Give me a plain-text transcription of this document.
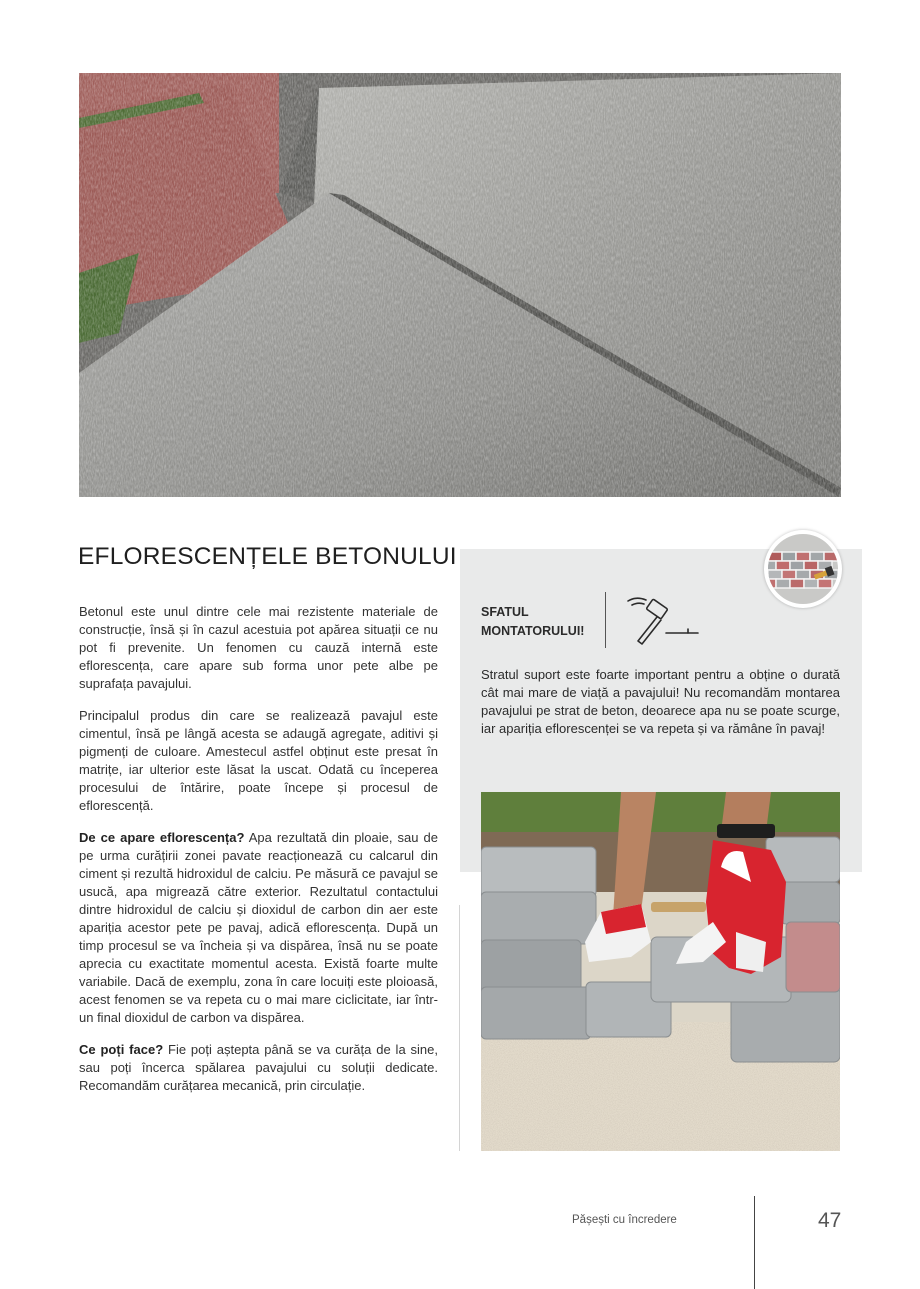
EFLORESCENȚELE BETONULUI

Betonul este unul dintre cele mai rezistente materiale de construcție, însă și în cazul acestuia pot apărea situații ce nu pot fi prevenite. Un fenomen cu cauză internă este eflorescența, care apare sub forma unor pete albe pe suprafața pavajului.

Principalul produs din care se realizează pavajul este cimentul, însă pe lângă acesta se adaugă agregate, aditivi și pigmenți de culoare. Amestecul astfel obținut este presat în matrițe, iar ulterior este lăsat la uscat. Odată cu începerea procesului de întărire, poate începe și procesul de eflorescență.

De ce apare eflorescența? Apa rezultată din ploaie, sau de pe urma curățirii zonei pavate reacționează cu calcarul din ciment și rezultă hidroxidul de calciu. Pe măsură ce pavajul se usucă, apa migrează către exterior. Rezultatul contactului dintre hidroxidul de calciu și dioxidul de carbon din aer este apariția acestor pete pe pavaj, adică eflorescența. După un timp procesul se va încheia și va dispărea, însă nu se poate aprecia cu exactitate momentul acesta. Există foarte multe variabile. Dacă de exemplu, zona în care locuiți este ploioasă, acest fenomen se va repeta cu o mai mare ciclicitate, iar într-un final dioxidul de carbon va dispărea.

Ce poți face? Fie poți aștepta până se va curăța de la sine, sau poți încerca spălarea pavajului cu soluții dedicate. Recomandăm curățarea mecanică, prin circulație.

SFATUL
MONTATORULUI!

Stratul suport este foarte important pentru a obține o durată cât mai mare de viață a pavajului! Nu recomandăm montarea pavajului pe strat de beton, deoarece apa nu se poate scurge, iar apariția eflorescenței se va repeta și va rămâne în pavaj!

Pășești cu încredere	47
